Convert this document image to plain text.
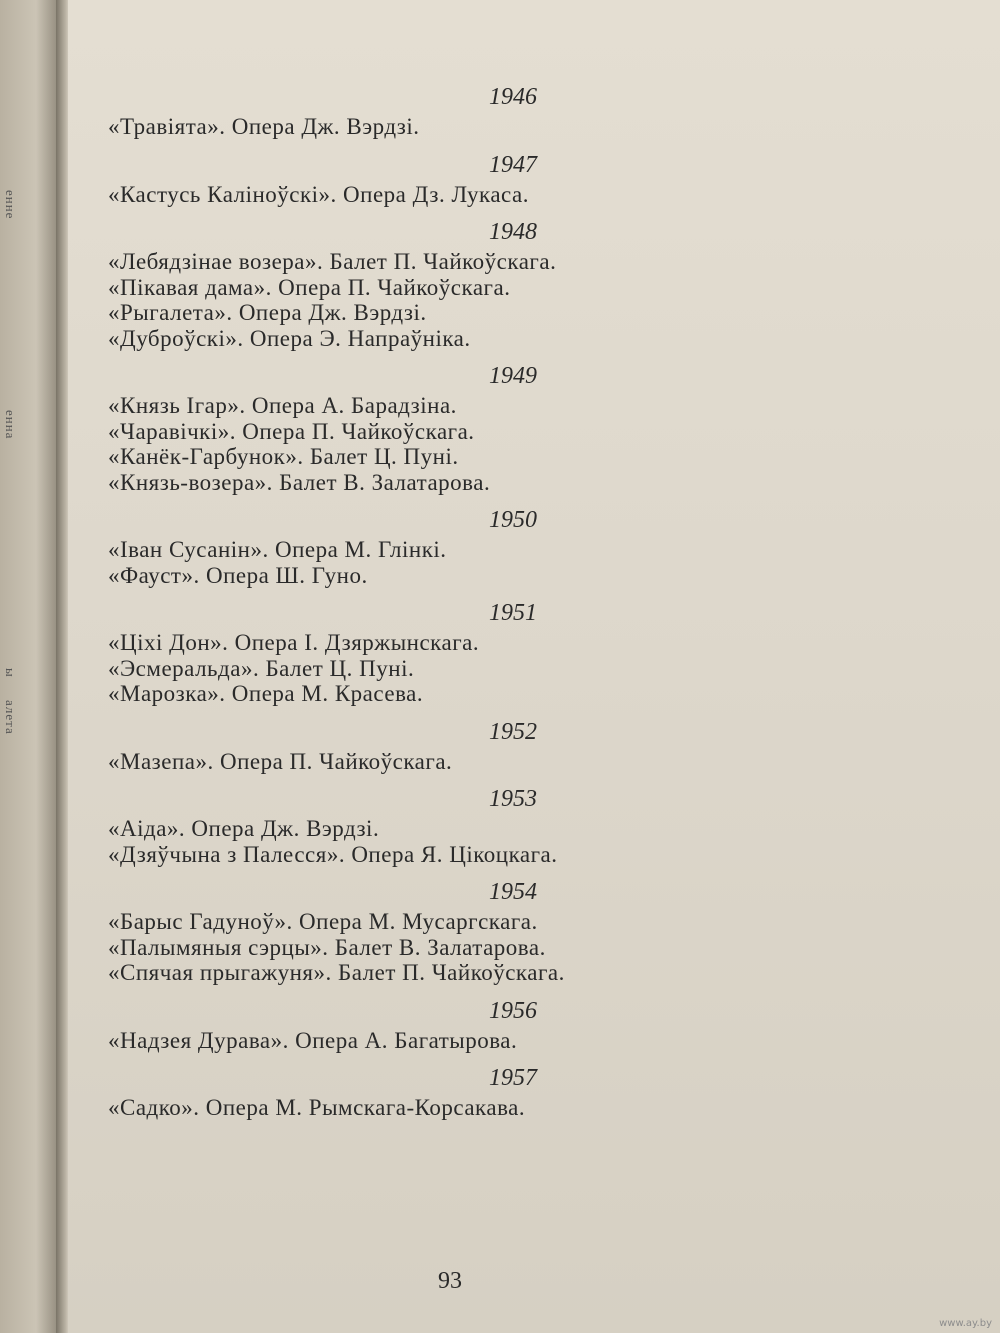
енне
енна
ы
алета
1946
«Травіята». Опера Дж. Вэрдзі.
1947
«Кастусь Каліноўскі». Опера Дз. Лукаса.
1948
«Лебядзінае возера». Балет П. Чайкоўскага.
«Пікавая дама». Опера П. Чайкоўскага.
«Рыгалета». Опера Дж. Вэрдзі.
«Дуброўскі». Опера Э. Напраўніка.
1949
«Князь Ігар». Опера А. Барадзіна.
«Чаравічкі». Опера П. Чайкоўскага.
«Канёк-Гарбунок». Балет Ц. Пуні.
«Князь-возера». Балет В. Залатарова.
1950
«Іван Сусанін». Опера М. Глінкі.
«Фауст». Опера Ш. Гуно.
1951
«Ціхі Дон». Опера І. Дзяржынскага.
«Эсмеральда». Балет Ц. Пуні.
«Марозка». Опера М. Красева.
1952
«Мазепа». Опера П. Чайкоўскага.
1953
«Аіда». Опера Дж. Вэрдзі.
«Дзяўчына з Палесся». Опера Я. Цікоцкага.
1954
«Барыс Гадуноў». Опера М. Мусаргскага.
«Палымяныя сэрцы». Балет В. Залатарова.
«Спячая прыгажуня». Балет П. Чайкоўскага.
1956
«Надзея Дурава». Опера А. Багатырова.
1957
«Садко». Опера М. Рымскага-Корсакава.
93
www.ay.by
